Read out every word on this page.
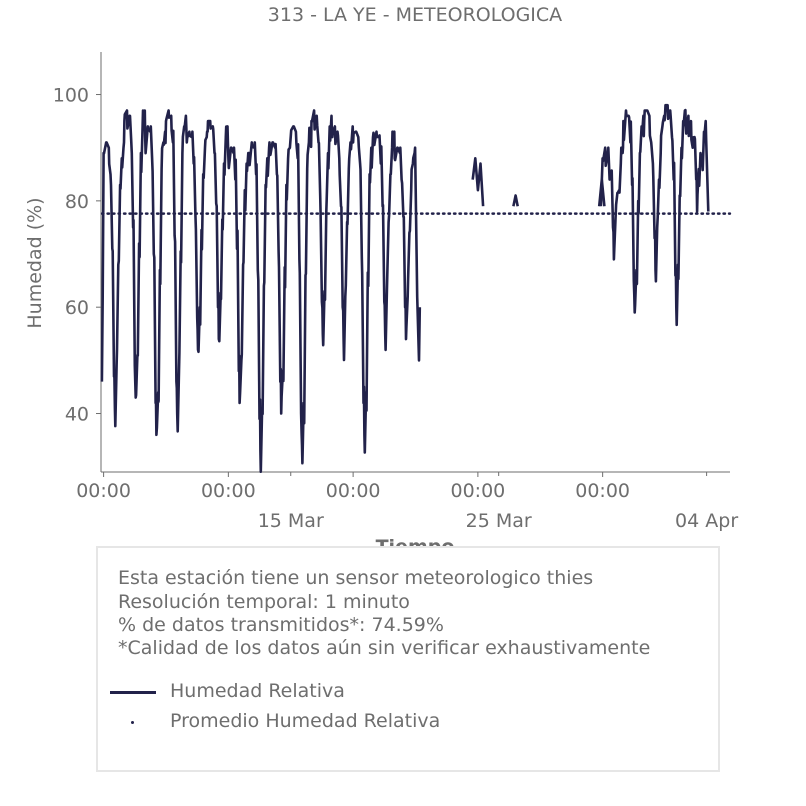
313 - LA YE - METEOROLOGICA
40
60
80
100
00:00	00:00	00:00	00:00	00:00
15 Mar	25 Mar	04 Apr
Humedad (%)
Esta estación tiene un sensor meteorologico thies
Resolución temporal: 1 minuto
% de datos transmitidos*: 74.59%
*Calidad de los datos aún sin verificar exhaustivamente
Humedad Relativa
Promedio Humedad Relativa
